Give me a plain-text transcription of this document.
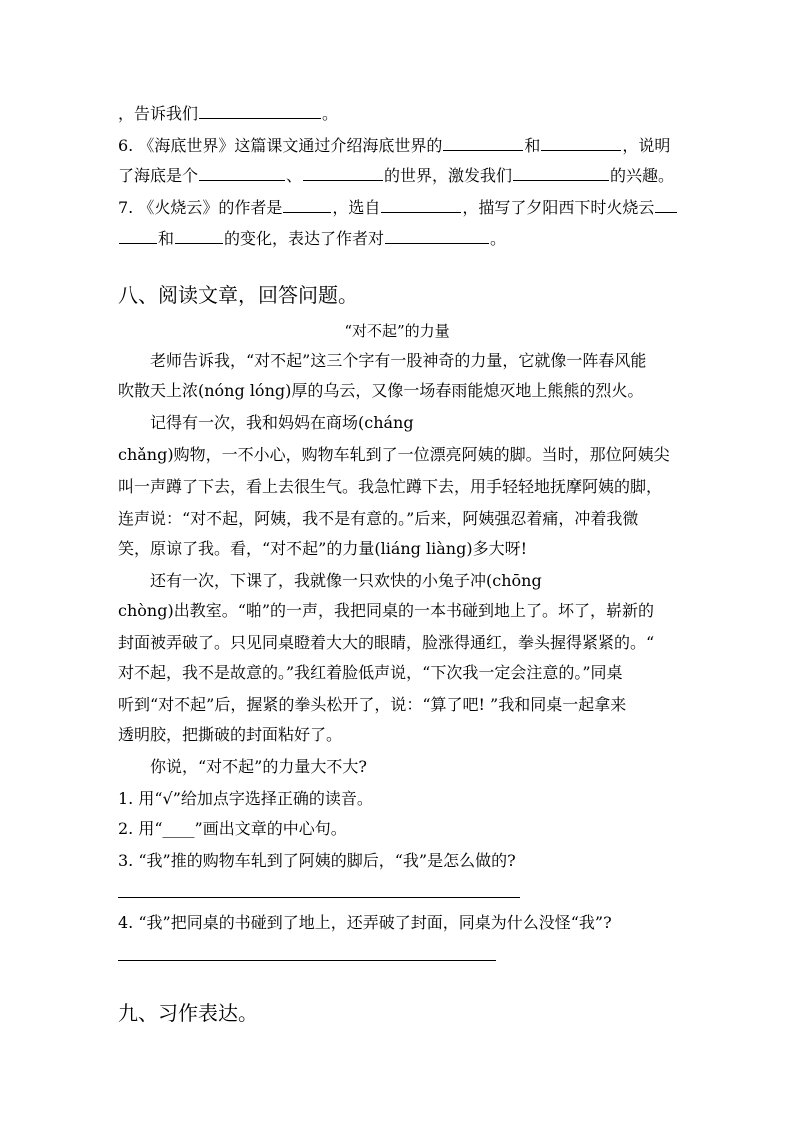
，告诉我们	。
6. 《海底世界》这篇课文通过介绍海底世界的	和	，说明
了海底是个	、	的世界，激发我们	的兴趣。
7. 《火烧云》的作者是	，选自	，描写了夕阳西下时火烧云
和	的变化，表达了作者对	。
八、阅读文章，回答问题。
“对不起”的力量
老师告诉我，“对不起”这三个字有一股神奇的力量，它就像一阵春风能
吹散天上浓(nóng lóng)厚的乌云，又像一场春雨能熄灭地上熊熊的烈火。
记得有一次，我和妈妈在商场(cháng
chǎng)购物，一不小心，购物车轧到了一位漂亮阿姨的脚。当时，那位阿姨尖
叫一声蹲了下去，看上去很生气。我急忙蹲下去，用手轻轻地抚摩阿姨的脚，
连声说：“对不起，阿姨，我不是有意的。”后来，阿姨强忍着痛，冲着我微
笑，原谅了我。看，“对不起”的力量(liáng liàng)多大呀!
还有一次，下课了，我就像一只欢快的小兔子冲(chōng
chòng)出教室。“啪”的一声，我把同桌的一本书碰到地上了。坏了，崭新的
封面被弄破了。只见同桌瞪着大大的眼睛，脸涨得通红，拳头握得紧紧的。“
对不起，我不是故意的。”我红着脸低声说，“下次我一定会注意的。”同桌
听到“对不起”后，握紧的拳头松开了，说：“算了吧! ”我和同桌一起拿来
透明胶，把撕破的封面粘好了。
你说，“对不起”的力量大不大?
1. 用“√”给加点字选择正确的读音。
2. 用“____”画出文章的中心句。
3. “我”推的购物车轧到了阿姨的脚后，“我”是怎么做的?
4. “我”把同桌的书碰到了地上，还弄破了封面，同桌为什么没怪“我”?
九、习作表达。
